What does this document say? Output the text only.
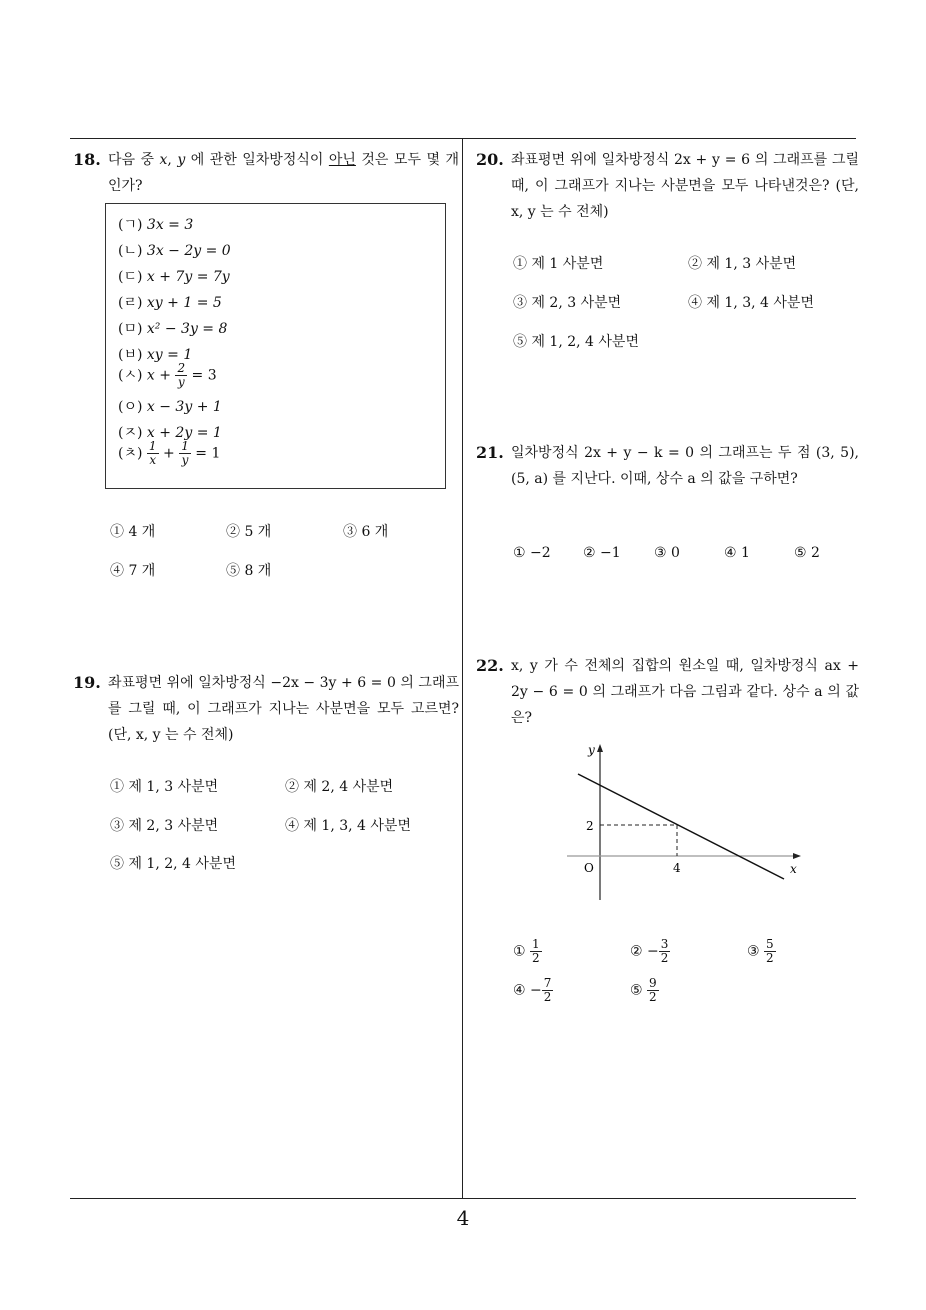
18. 다음 중 x, y 에 관한 일차방정식이 아닌 것은 모두 몇 개인가?
(ㄱ) 3x = 3
(ㄴ) 3x − 2y = 0
(ㄷ) x + 7y = 7y
(ㄹ) xy + 1 = 5
(ㅁ) x² − 3y = 8
(ㅂ) xy = 1
(ㅅ) $x + \frac{2}{y} = 3$
(ㅇ) x − 3y + 1
(ㅈ) x + 2y = 1
(ㅊ) $\frac{1}{x} + \frac{1}{y} = 1$
① 4 개	② 5 개	③ 6 개
④ 7 개	⑤ 8 개
19. 좌표평면 위에 일차방정식 −2x − 3y + 6 = 0 의 그래프를 그릴 때, 이 그래프가 지나는 사분면을 모두 고르면? (단, x, y 는 수 전체)
① 제 1, 3 사분면	② 제 2, 4 사분면
③ 제 2, 3 사분면	④ 제 1, 3, 4 사분면
⑤ 제 1, 2, 4 사분면
20. 좌표평면 위에 일차방정식 2x + y = 6 의 그래프를 그릴 때, 이 그래프가 지나는 사분면을 모두 나타낸것은? (단, x, y 는 수 전체)
① 제 1 사분면	② 제 1, 3 사분면
③ 제 2, 3 사분면	④ 제 1, 3, 4 사분면
⑤ 제 1, 2, 4 사분면
21. 일차방정식 2x + y − k = 0 의 그래프는 두 점 (3, 5), (5, a) 를 지난다. 이때, 상수 a 의 값을 구하면?
① −2 ② −1 ③ 0	④ 1	⑤ 2
22. x, y 가 수 전체의 집합의 원소일 때, 일차방정식 ax + 2y − 6 = 0 의 그래프가 다음 그림과 같다. 상수 a 의 값은?
y
x
O
2
4
① $\frac{1}{2}$	② − $\frac{3}{2}$	③ $\frac{5}{2}$
④ − $\frac{7}{2}$	⑤ $\frac{9}{2}$
4
